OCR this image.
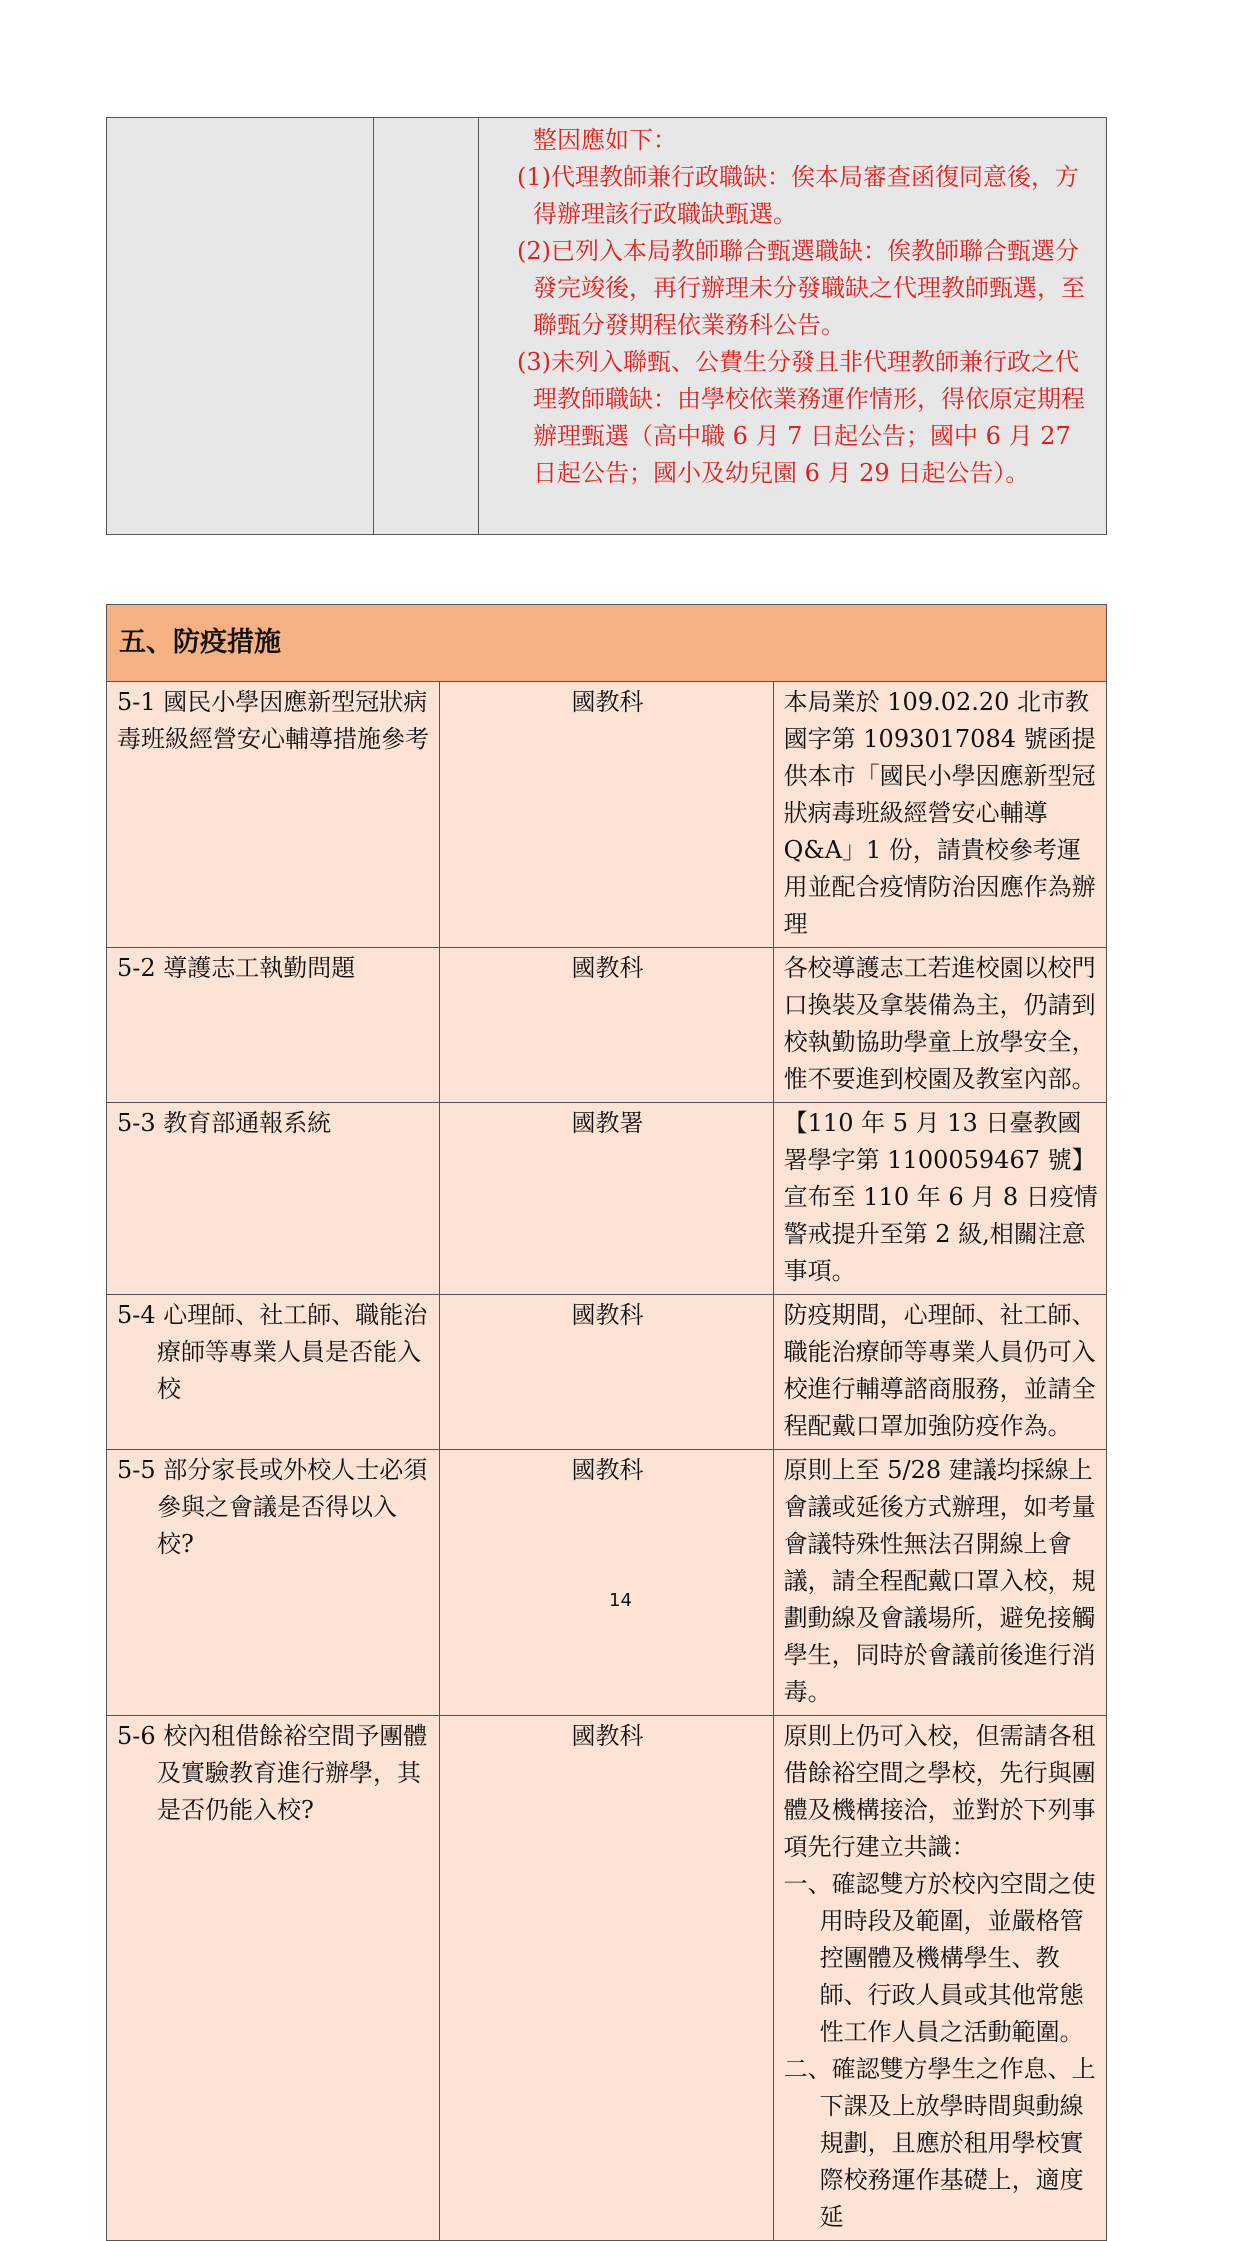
整因應如下：
(1)代理教師兼行政職缺：俟本局審查函復同意後，方得辦理該行政職缺甄選。
(2)已列入本局教師聯合甄選職缺：俟教師聯合甄選分發完竣後，再行辦理未分發職缺之代理教師甄選，至聯甄分發期程依業務科公告。
(3)未列入聯甄、公費生分發且非代理教師兼行政之代理教師職缺：由學校依業務運作情形，得依原定期程辦理甄選（高中職 6 月 7 日起公告；國中 6 月 27 日起公告；國小及幼兒園 6 月 29 日起公告）。
五、防疫措施		
5-1 國民小學因應新型冠狀病毒班級經營安心輔導措施參考	國教科	本局業於 109.02.20 北市教國字第 1093017084 號函提供本市「國民小學因應新型冠狀病毒班級經營安心輔導 Q&A」1 份，請貴校參考運用並配合疫情防治因應作為辦理
5-2 導護志工執勤問題	國教科	各校導護志工若進校園以校門口換裝及拿裝備為主，仍請到校執勤協助學童上放學安全，惟不要進到校園及教室內部。
5-3 教育部通報系統	國教署	【110 年 5 月 13 日臺教國署學字第 1100059467 號】宣布至 110 年 6 月 8 日疫情警戒提升至第 2 級,相關注意事項。

5-4 心理師、社工師、職能治療師等專業人員是否能入校	國教科	防疫期間，心理師、社工師、職能治療師等專業人員仍可入校進行輔導諮商服務，並請全程配戴口罩加強防疫作為。

5-5 部分家長或外校人士必須參與之會議是否得以入校?	國教科	原則上至 5/28 建議均採線上會議或延後方式辦理，如考量會議特殊性無法召開線上會議，請全程配戴口罩入校，規劃動線及會議場所，避免接觸學生，同時於會議前後進行消毒。

5-6 校內租借餘裕空間予團體及實驗教育進行辦學，其是否仍能入校?	國教科	原則上仍可入校，但需請各租借餘裕空間之學校，先行與團體及機構接洽，並對於下列事項先行建立共識：
一、確認雙方於校內空間之使用時段及範圍，並嚴格管控團體及機構學生、教師、行政人員或其他常態性工作人員之活動範圍。
二、確認雙方學生之作息、上下課及上放學時間與動線規劃，且應於租用學校實際校務運作基礎上，適度延
14
